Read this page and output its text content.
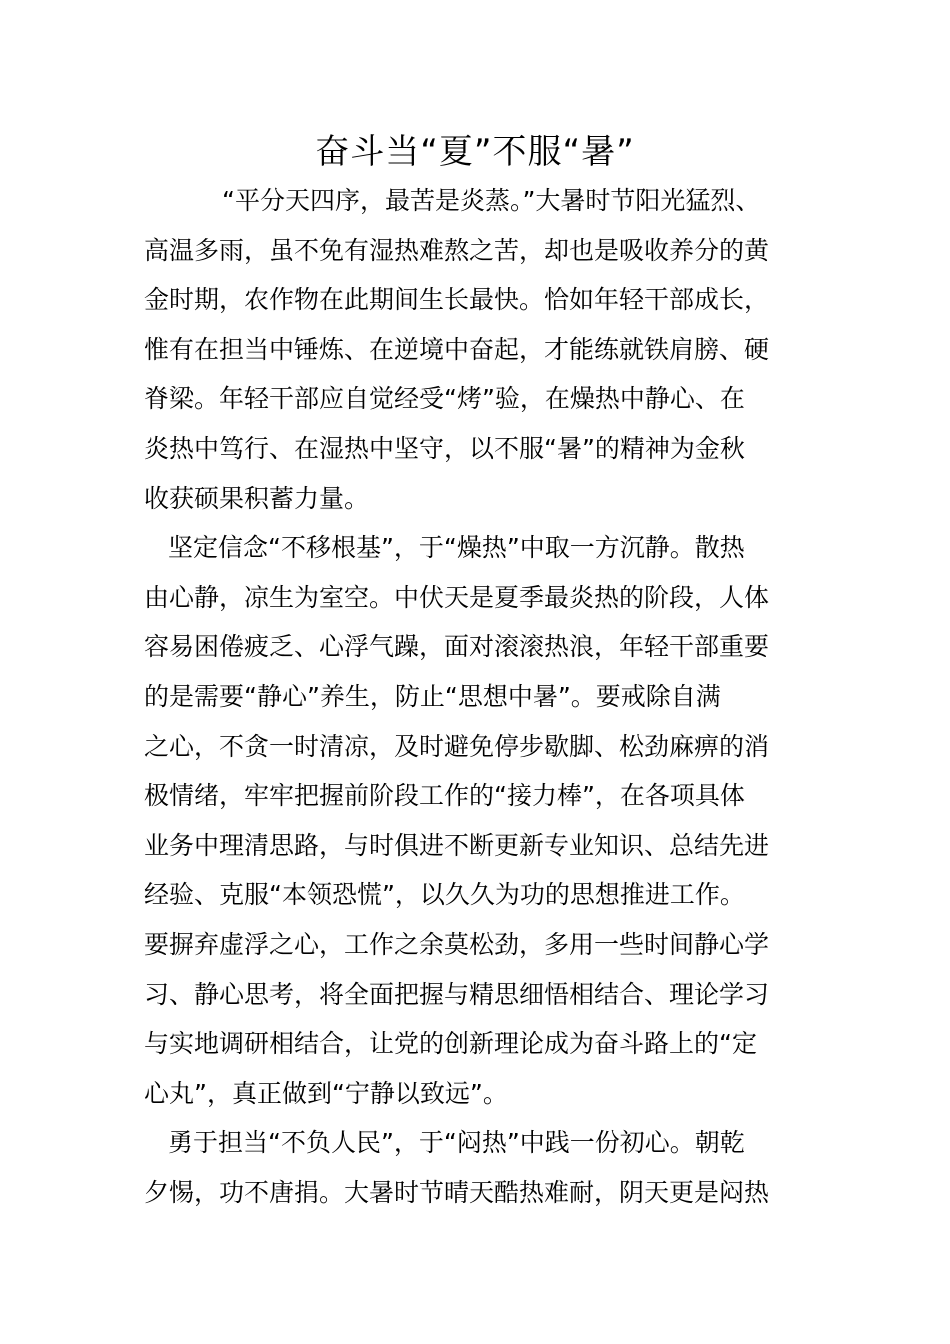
奋斗当“夏”不服“暑”
“平分天四序，最苦是炎蒸。”大暑时节阳光猛烈、
高温多雨，虽不免有湿热难熬之苦，却也是吸收养分的黄
金时期，农作物在此期间生长最快。恰如年轻干部成长，
惟有在担当中锤炼、在逆境中奋起，才能练就铁肩膀、硬
脊梁。年轻干部应自觉经受“烤”验，在燥热中静心、在
炎热中笃行、在湿热中坚守，以不服“暑”的精神为金秋
收获硕果积蓄力量。
坚定信念“不移根基”，于“燥热”中取一方沉静。散热
由心静，凉生为室空。中伏天是夏季最炎热的阶段，人体
容易困倦疲乏、心浮气躁，面对滚滚热浪，年轻干部重要
的是需要“静心”养生，防止“思想中暑”。要戒除自满
之心，不贪一时清凉，及时避免停步歇脚、松劲麻痹的消
极情绪，牢牢把握前阶段工作的“接力棒”，在各项具体
业务中理清思路，与时俱进不断更新专业知识、总结先进
经验、克服“本领恐慌”，以久久为功的思想推进工作。
要摒弃虚浮之心，工作之余莫松劲，多用一些时间静心学
习、静心思考，将全面把握与精思细悟相结合、理论学习
与实地调研相结合，让党的创新理论成为奋斗路上的“定
心丸”，真正做到“宁静以致远”。
勇于担当“不负人民”，于“闷热”中践一份初心。朝乾
夕惕，功不唐捐。大暑时节晴天酷热难耐，阴天更是闷热
